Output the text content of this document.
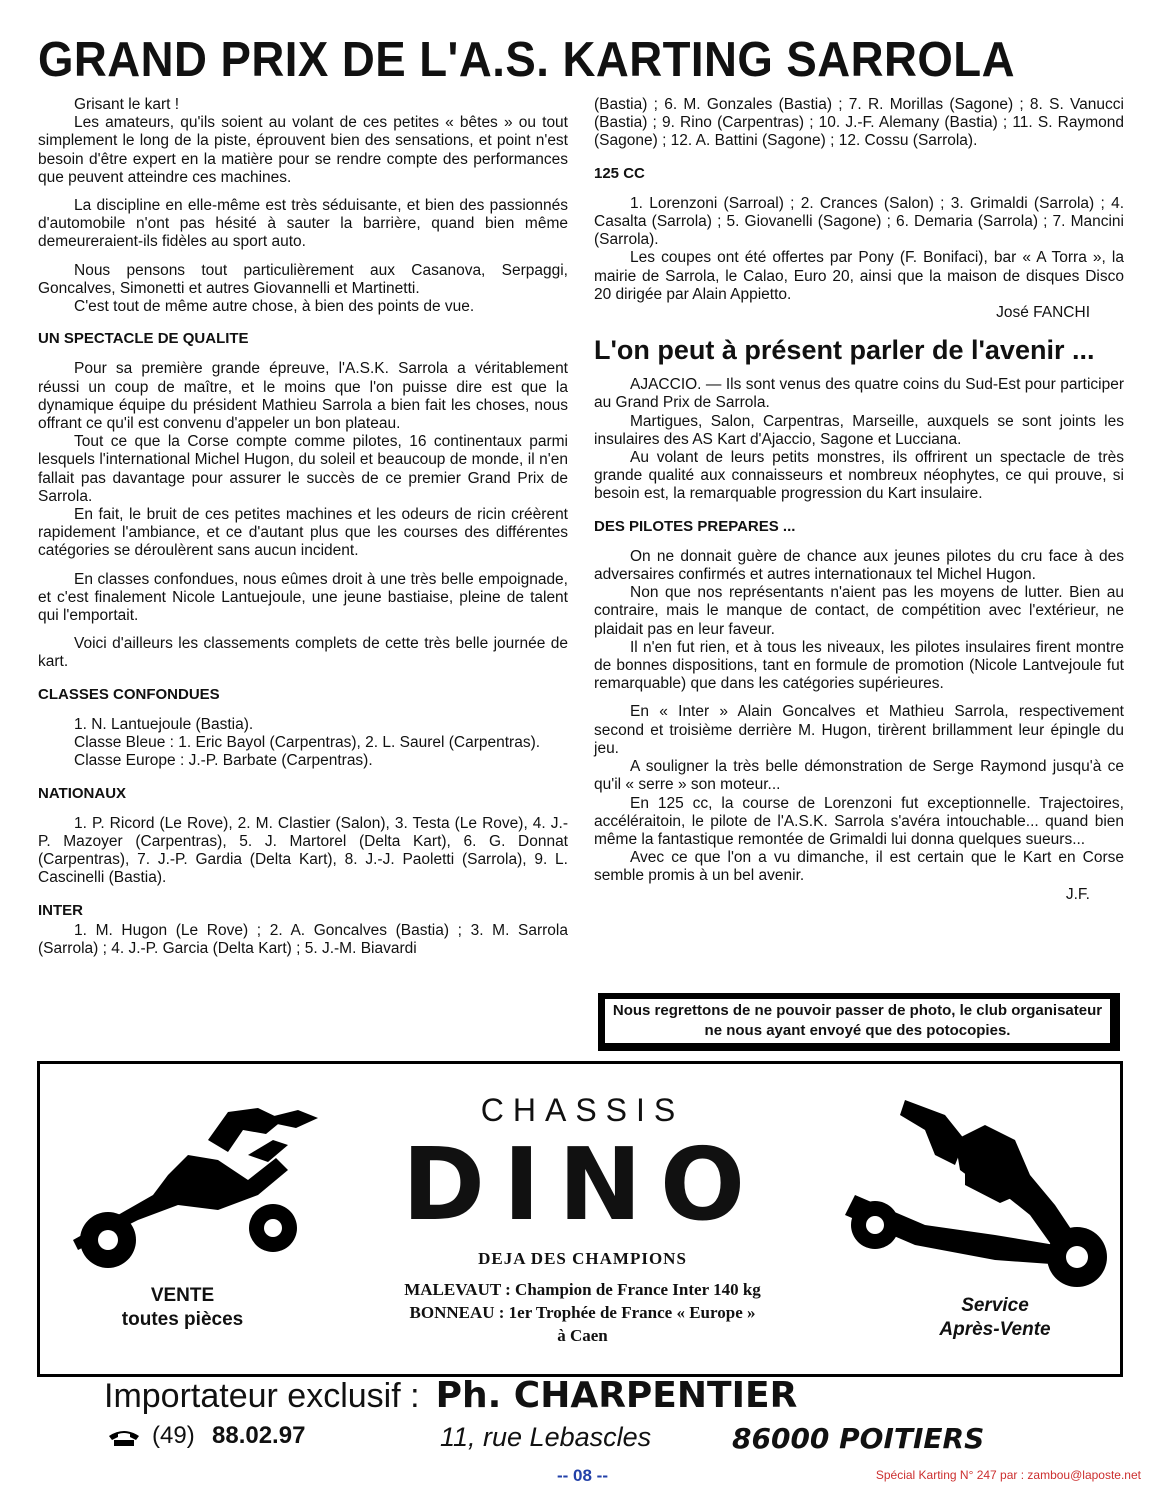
GRAND PRIX DE L'A.S. KARTING SARROLA

Grisant le kart !

Les amateurs, qu'ils soient au volant de ces petites « bêtes » ou tout simplement le long de la piste, éprouvent bien des sensations, et point n'est besoin d'être expert en la matière pour se rendre compte des performances que peuvent atteindre ces machines.

La discipline en elle-même est très séduisante, et bien des passionnés d'automobile n'ont pas hésité à sauter la barrière, quand bien même demeureraient-ils fidèles au sport auto.

Nous pensons tout particulièrement aux Casanova, Serpaggi, Goncalves, Simonetti et autres Giovannelli et Martinetti.

C'est tout de même autre chose, à bien des points de vue.

UN SPECTACLE DE QUALITE

Pour sa première grande épreuve, l'A.S.K. Sarrola a véritablement réussi un coup de maître, et le moins que l'on puisse dire est que la dynamique équipe du président Mathieu Sarrola a bien fait les choses, nous offrant ce qu'il est convenu d'appeler un bon plateau.

Tout ce que la Corse compte comme pilotes, 16 continentaux parmi lesquels l'international Michel Hugon, du soleil et beaucoup de monde, il n'en fallait pas davantage pour assurer le succès de ce premier Grand Prix de Sarrola.

En fait, le bruit de ces petites machines et les odeurs de ricin créèrent rapidement l'ambiance, et ce d'autant plus que les courses des différentes catégories se déroulèrent sans aucun incident.

En classes confondues, nous eûmes droit à une très belle empoignade, et c'est finalement Nicole Lantuejoule, une jeune bastiaise, pleine de talent qui l'emportait.

Voici d'ailleurs les classements complets de cette très belle journée de kart.

CLASSES CONFONDUES

1. N. Lantuejoule (Bastia).

Classe Bleue : 1. Eric Bayol (Carpentras), 2. L. Saurel (Carpentras).

Classe Europe : J.-P. Barbate (Carpentras).

NATIONAUX

1. P. Ricord (Le Rove), 2. M. Clastier (Salon), 3. Testa (Le Rove), 4. J.-P. Mazoyer (Carpentras), 5. J. Martorel (Delta Kart), 6. G. Donnat (Carpentras), 7. J.-P. Gardia (Delta Kart), 8. J.-J. Paoletti (Sarrola), 9. L. Cascinelli (Bastia).

INTER

1. M. Hugon (Le Rove) ; 2. A. Goncalves (Bastia) ; 3. M. Sarrola (Sarrola) ; 4. J.-P. Garcia (Delta Kart) ; 5. J.-M. Biavardi

(Bastia) ; 6. M. Gonzales (Bastia) ; 7. R. Morillas (Sagone) ; 8. S. Vanucci (Bastia) ; 9. Rino (Carpentras) ; 10. J.-F. Alemany (Bastia) ; 11. S. Raymond (Sagone) ; 12. A. Battini (Sagone) ; 12. Cossu (Sarrola).

125 CC

1. Lorenzoni (Sarroal) ; 2. Crances (Salon) ; 3. Grimaldi (Sarrola) ; 4. Casalta (Sarrola) ; 5. Giovanelli (Sagone) ; 6. Demaria (Sarrola) ; 7. Mancini (Sarrola).

Les coupes ont été offertes par Pony (F. Bonifaci), bar « A Torra », la mairie de Sarrola, le Calao, Euro 20, ainsi que la maison de disques Disco 20 dirigée par Alain Appietto.

José FANCHI

L'on peut à présent parler de l'avenir ...

AJACCIO. — Ils sont venus des quatre coins du Sud-Est pour participer au Grand Prix de Sarrola.

Martigues, Salon, Carpentras, Marseille, auxquels se sont joints les insulaires des AS Kart d'Ajaccio, Sagone et Lucciana.

Au volant de leurs petits monstres, ils offrirent un spectacle de très grande qualité aux connaisseurs et nombreux néophytes, ce qui prouve, si besoin est, la remarquable progression du Kart insulaire.

DES PILOTES PREPARES ...

On ne donnait guère de chance aux jeunes pilotes du cru face à des adversaires confirmés et autres internationaux tel Michel Hugon.

Non que nos représentants n'aient pas les moyens de lutter. Bien au contraire, mais le manque de contact, de compétition avec l'extérieur, ne plaidait pas en leur faveur.

Il n'en fut rien, et à tous les niveaux, les pilotes insulaires firent montre de bonnes dispositions, tant en formule de promotion (Nicole Lantvejoule fut remarquable) que dans les catégories supérieures.

En « Inter » Alain Goncalves et Mathieu Sarrola, respectivement second et troisième derrière M. Hugon, tirèrent brillamment leur épingle du jeu.

A souligner la très belle démonstration de Serge Raymond jusqu'à ce qu'il « serre » son moteur...

En 125 cc, la course de Lorenzoni fut exceptionnelle. Trajectoires, accéléraitoin, le pilote de l'A.S.K. Sarrola s'avéra intouchable... quand bien même la fantastique remontée de Grimaldi lui donna quelques sueurs...

Avec ce que l'on a vu dimanche, il est certain que le Kart en Corse semble promis à un bel avenir.

J.F.

Nous regrettons de ne pouvoir passer de photo, le club organisateur ne nous ayant envoyé que des potocopies.
CHASSIS
DINO
DEJA DES CHAMPIONS
MALEVAUT : Champion de France Inter 140 kg
BONNEAU : 1er Trophée de France « Europe »
à Caen
VENTE
toutes pièces
Service
Après-Vente
Importateur exclusif : Ph. CHARPENTIER
(49) 88.02.97	11, rue Lebascles	86000 POITIERS
-- 08 --	Spécial Karting N° 247 par : zambou@laposte.net
